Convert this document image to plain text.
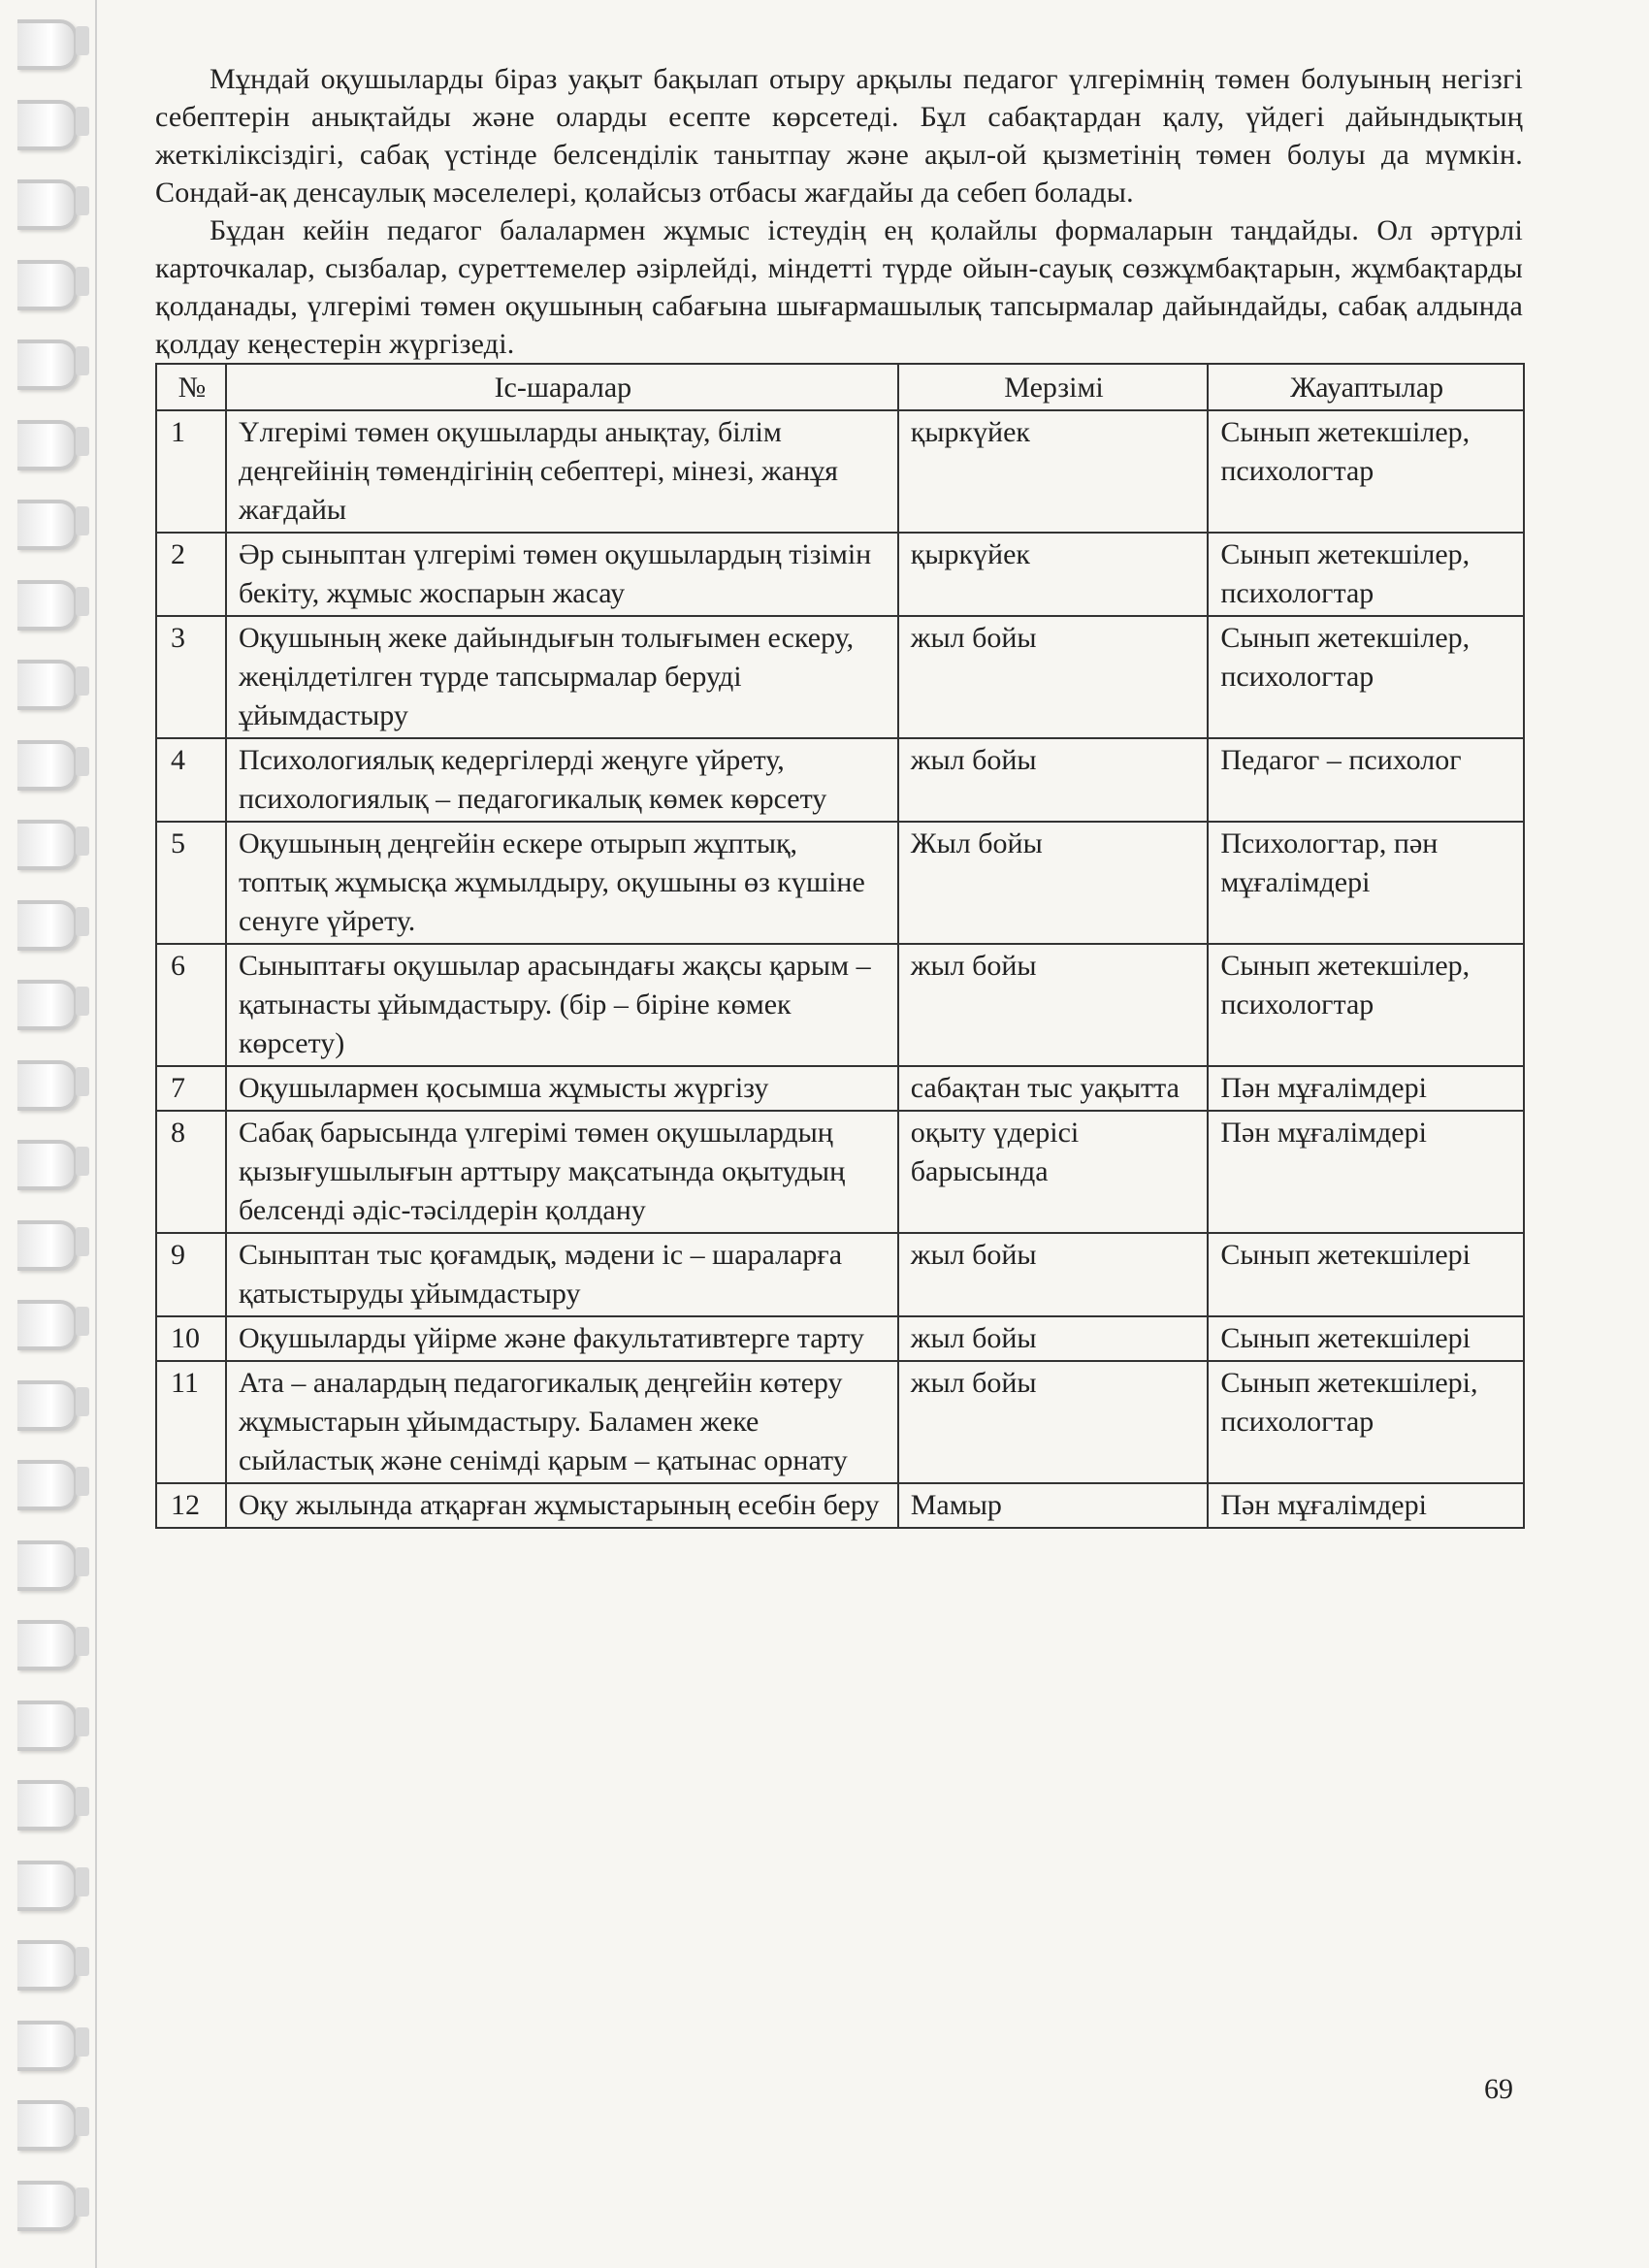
Мұндай оқушыларды біраз уақыт бақылап отыру арқылы педагог үлгерімнің төмен болуының негізгі себептерін анықтайды және оларды есепте көрсетеді. Бұл сабақтардан қалу, үйдегі дайындықтың жеткіліксіздігі, сабақ үстінде белсенділік танытпау және ақыл-ой қызметінің төмен болуы да мүмкін. Сондай-ақ денсаулық мәселелері, қолайсыз отбасы жағдайы да себеп болады.

Бұдан кейін педагог балалармен жұмыс істеудің ең қолайлы формаларын таңдайды. Ол әртүрлі карточкалар, сызбалар, суреттемелер әзірлейді, міндетті түрде ойын-сауық сөзжұмбақтарын, жұмбақтарды қолданады, үлгерімі төмен оқушының сабағына шығармашылық тапсырмалар дайындайды, сабақ алдында қолдау кеңестерін жүргізеді.

№	Іс-шаралар	Мерзімі	Жауаптылар
1	Үлгерімі төмен оқушыларды анықтау, білім деңгейінің төмендігінің себептері, мінезі, жанұя жағдайы	қыркүйек	Сынып жетекшілер, психологтар
2	Әр сыныптан үлгерімі төмен оқушылардың тізімін бекіту, жұмыс жоспарын жасау	қыркүйек	Сынып жетекшілер, психологтар
3	Оқушының жеке дайындығын толығымен ескеру, жеңілдетілген түрде тапсырмалар беруді ұйымдастыру	жыл бойы	Сынып жетекшілер, психологтар
4	Психологиялық кедергілерді жеңуге үйрету, психологиялық – педагогикалық көмек көрсету	жыл бойы	Педагог – психолог
5	Оқушының деңгейін ескере отырып жұптық, топтық жұмысқа жұмылдыру, оқушыны өз күшіне сенуге үйрету.	Жыл бойы	Психологтар, пән мұғалімдері
6	Сыныптағы оқушылар арасындағы жақсы қарым – қатынасты ұйымдастыру. (бір – біріне көмек көрсету)	жыл бойы	Сынып жетекшілер, психологтар
7	Оқушылармен қосымша жұмысты жүргізу	сабақтан тыс уақытта	Пән мұғалімдері
8	Сабақ барысында үлгерімі төмен оқушылардың қызығушылығын арттыру мақсатында оқытудың белсенді әдіс-тәсілдерін қолдану	оқыту үдерісі барысында	Пән мұғалімдері
9	Сыныптан тыс қоғамдық, мәдени іс – шараларға қатыстыруды ұйымдастыру	жыл бойы	Сынып жетекшілері
10	Оқушыларды үйірме және факультативтерге тарту	жыл бойы	Сынып жетекшілері
11	Ата – аналардың педагогикалық деңгейін көтеру жұмыстарын ұйымдастыру. Баламен жеке сыйластық және сенімді қарым – қатынас орнату	жыл бойы	Сынып жетекшілері, психологтар
12	Оқу жылында атқарған жұмыстарының есебін беру	Мамыр	Пән мұғалімдері
69
